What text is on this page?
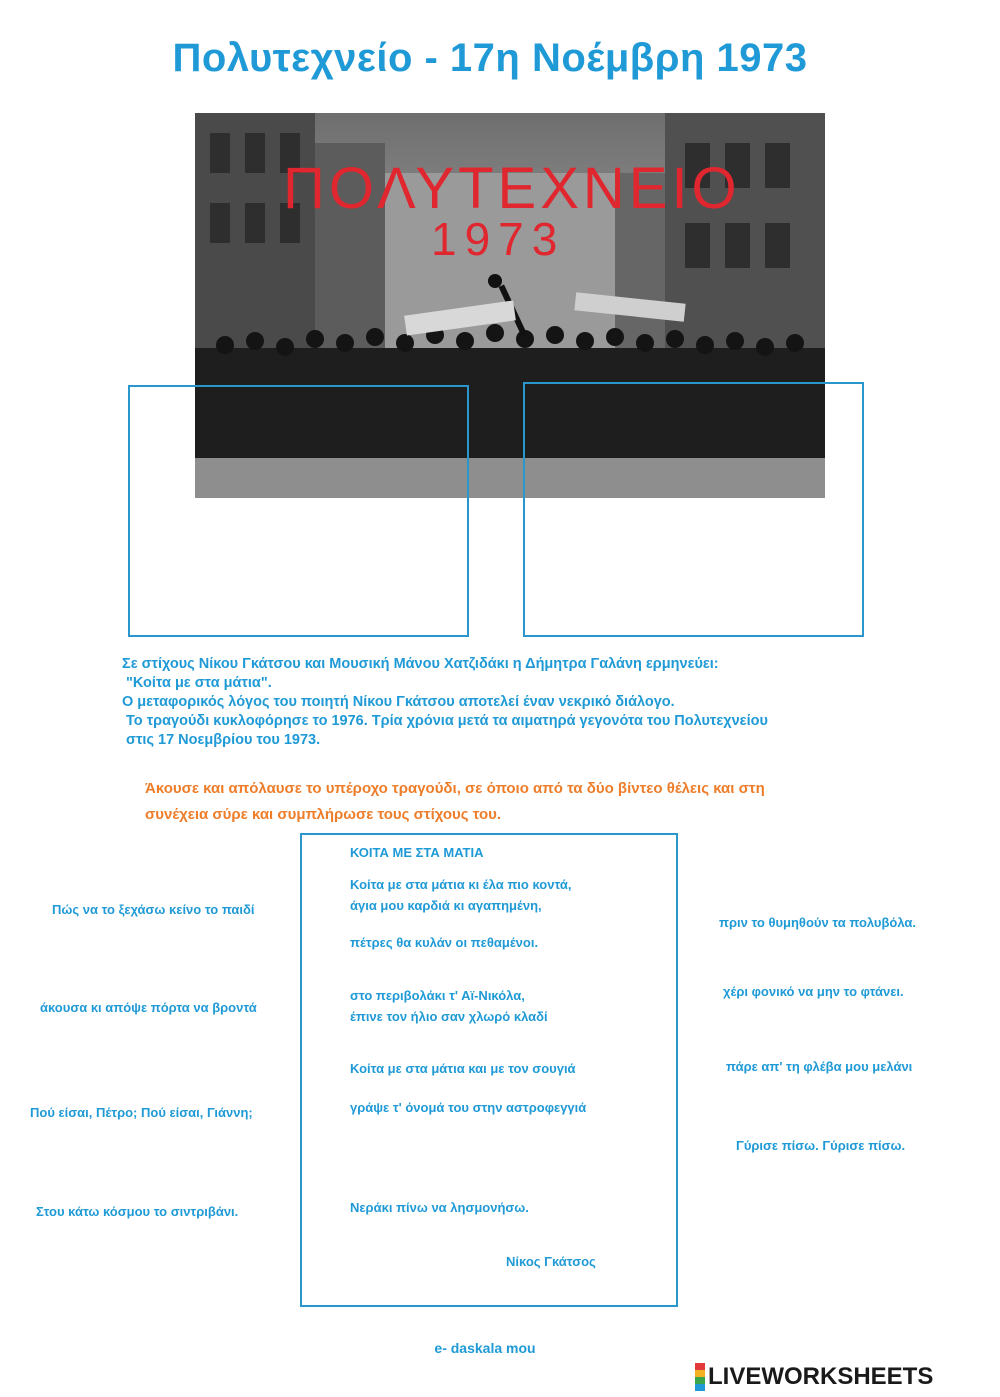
Πολυτεχνείο - 17η Νοέμβρη 1973
ΠΟΛΥΤΕΧΝΕΙΟ
1973
Σε στίχους Νίκου Γκάτσου και Μουσική Μάνου Χατζιδάκι η Δήμητρα Γαλάνη ερμηνεύει:
"Κοίτα με στα μάτια".
Ο μεταφορικός λόγος του ποιητή Νίκου Γκάτσου αποτελεί έναν νεκρικό διάλογο.
Το τραγούδι κυκλοφόρησε το 1976. Τρία χρόνια μετά τα αιματηρά γεγονότα του Πολυτεχνείου
στις 17 Νοεμβρίου του 1973.
Άκουσε και απόλαυσε το υπέροχο τραγούδι, σε όποιο από τα δύο βίντεο θέλεις και στη
συνέχεια σύρε και συμπλήρωσε τους στίχους του.
ΚΟΙΤΑ ΜΕ ΣΤΑ ΜΑΤΙΑ
Κοίτα με στα μάτια κι έλα πιο κοντά,
άγια μου καρδιά κι αγαπημένη,
πέτρες θα κυλάν οι πεθαμένοι.
στο περιβολάκι τ' Αϊ-Νικόλα,
έπινε τον ήλιο σαν χλωρό κλαδί
Κοίτα με στα μάτια και με τον σουγιά
γράψε τ' όνομά του στην αστροφεγγιά
Νεράκι πίνω να λησμονήσω.
Νίκος Γκάτσος
Πώς να το ξεχάσω κείνο το παιδί
άκουσα κι απόψε πόρτα να βροντά
Πού είσαι, Πέτρο; Πού είσαι, Γιάννη;
Στου κάτω κόσμου το σιντριβάνι.
πριν το θυμηθούν τα πολυβόλα.
χέρι φονικό να μην το φτάνει.
πάρε απ' τη φλέβα μου μελάνι
Γύρισε πίσω. Γύρισε πίσω.
e- daskala mou
LIVEWORKSHEETS
